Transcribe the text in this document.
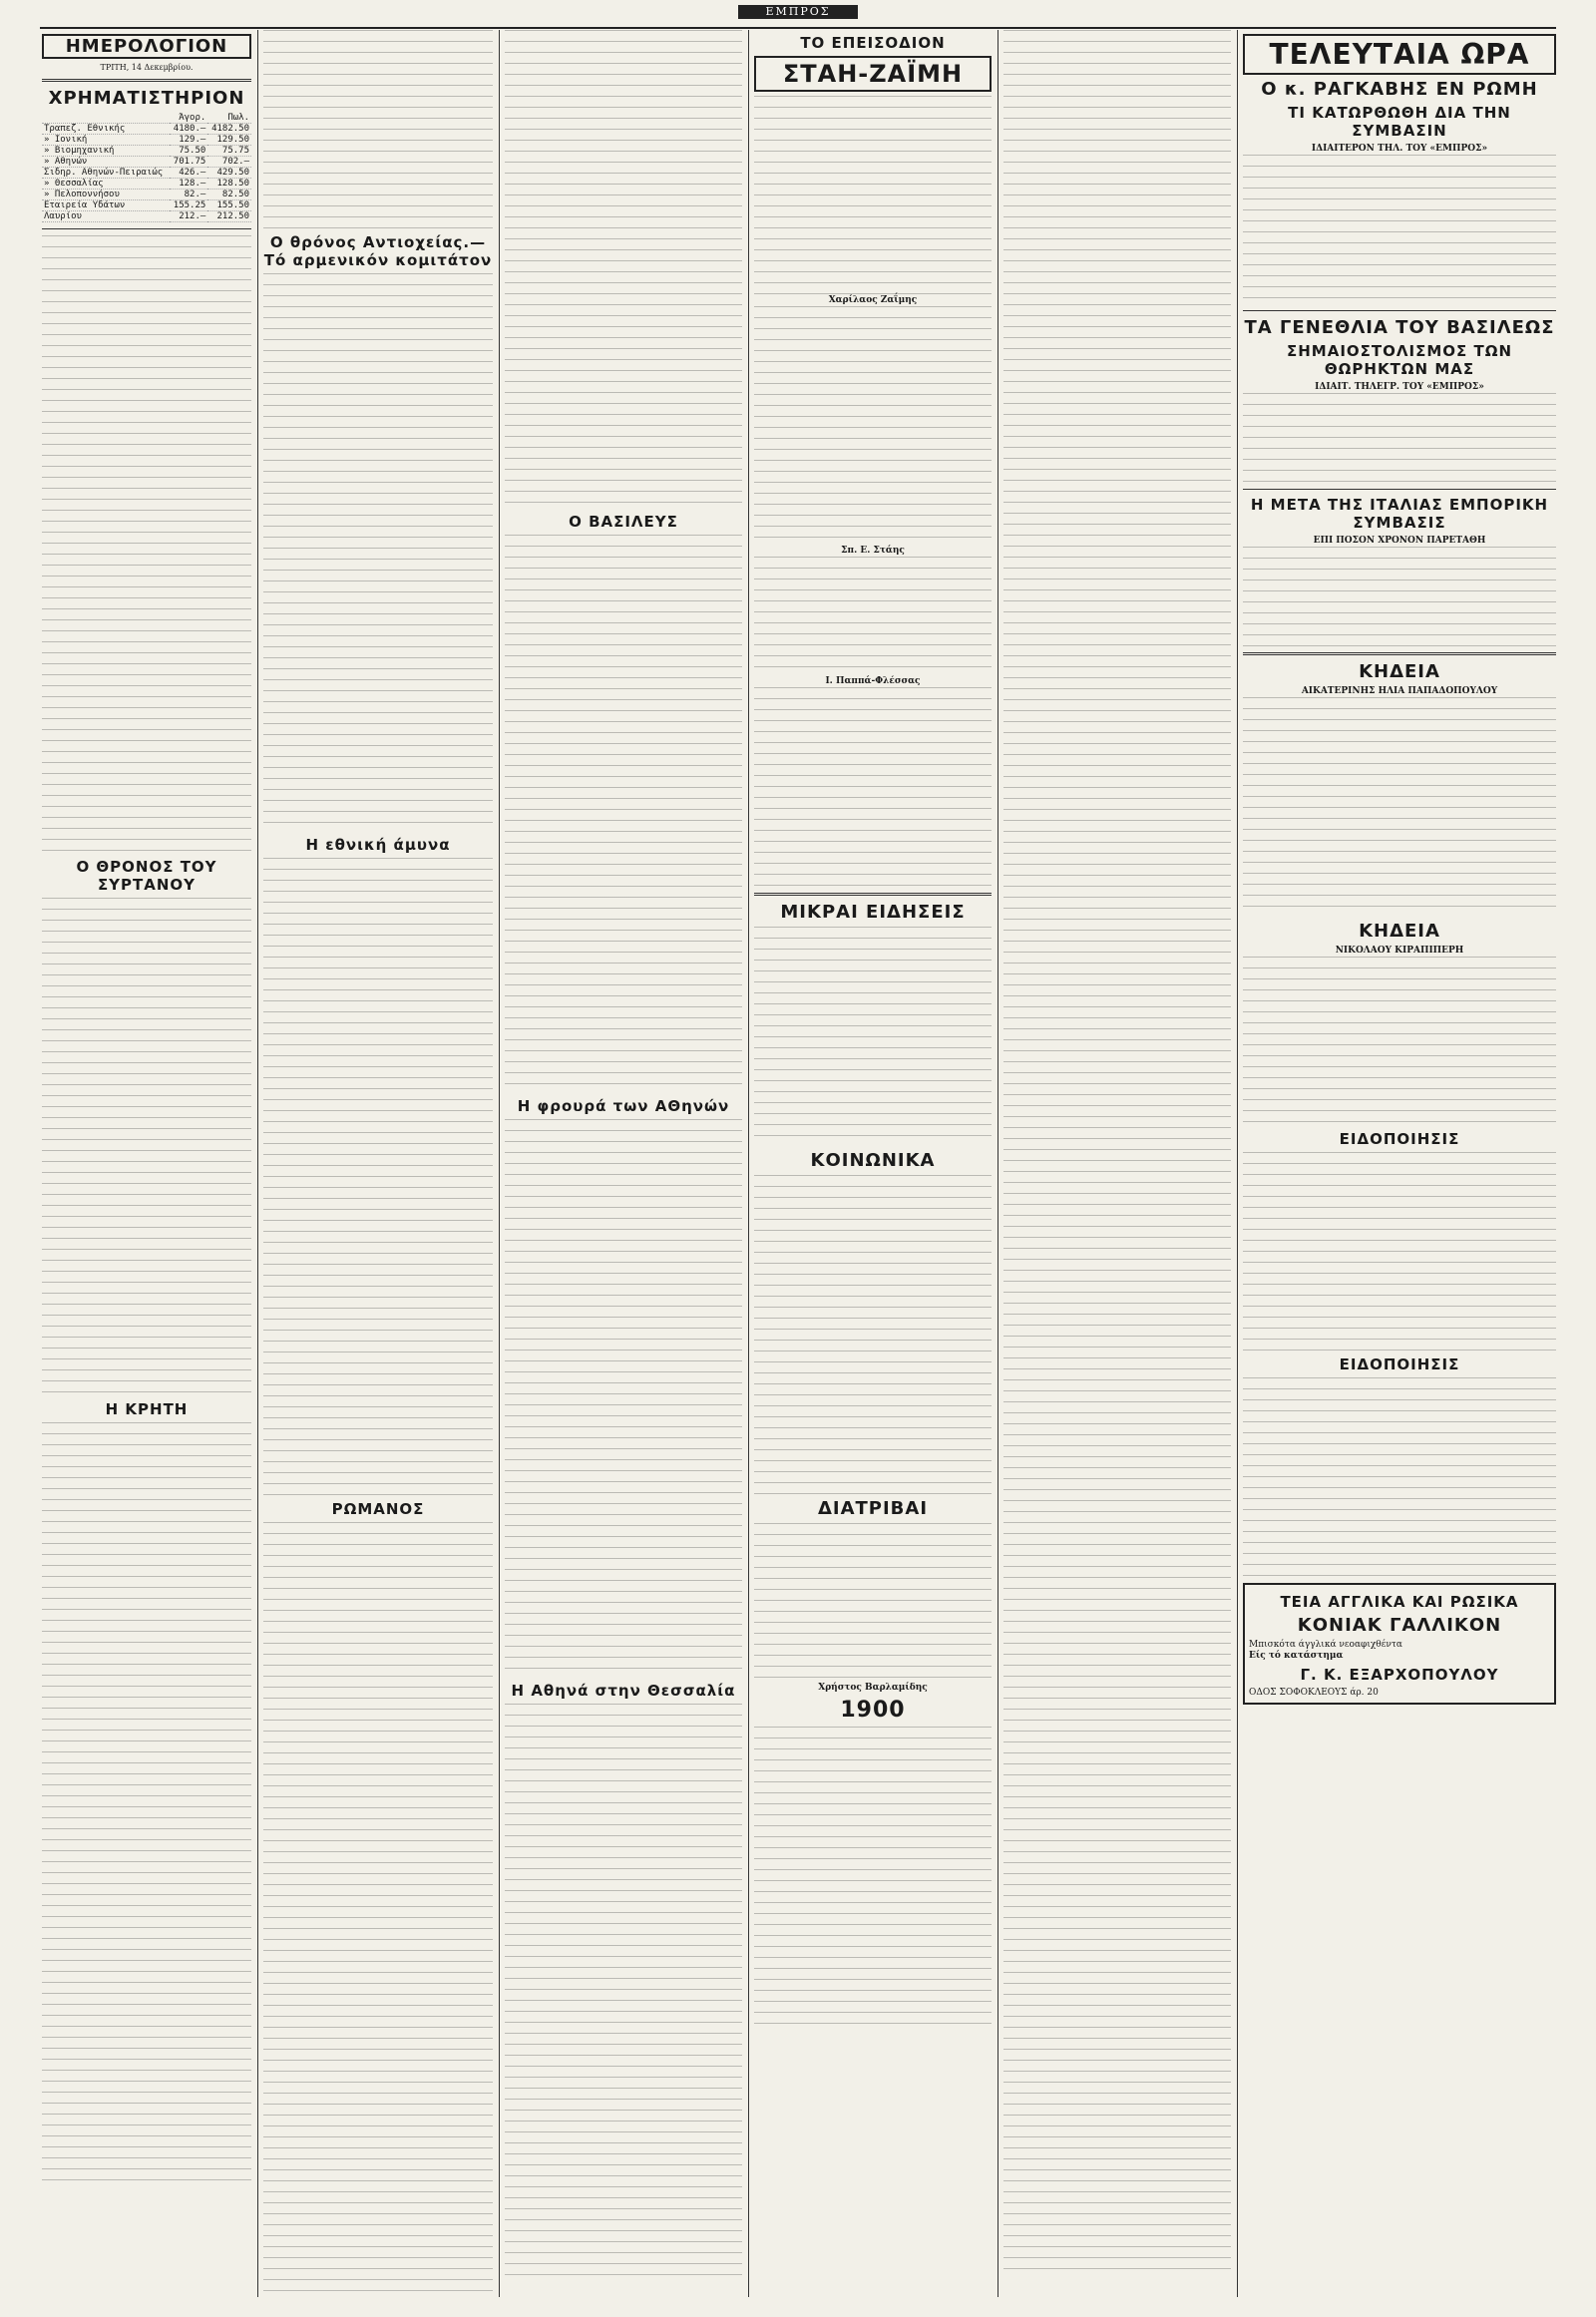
ΕΜΠΡΟΣ
ΗΜΕΡΟΛΟΓΙΟΝ
ΤΡΙΤΗ, 14 Δεκεμβρίου.
ΧΡΗΜΑΤΙΣΤΗΡΙΟΝ
	Άγορ.	Πωλ.
Τραπεζ. Εθνικής	4180.—	4182.50
» Ιονική	129.—	129.50
» Βιομηχανική	75.50	75.75
» Αθηνών	701.75	702.—
Σιδηρ. Αθηνών-Πειραιώς	426.—	429.50
» Θεσσαλίας	128.—	128.50
» Πελοποννήσου	82.—	82.50
Εταιρεία Υδάτων	155.25	155.50
Λαυρίου	212.—	212.50
Ο ΘΡΟΝΟΣ ΤΟΥ ΣΥΡΤΑΝΟΥ
Η ΚΡΗΤΗ
Ο θρόνος Αντιοχείας.— Τό αρμενικόν κομιτάτον
Η εθνική άμυνα
ΡΩΜΑΝΟΣ
Ο ΒΑΣΙΛΕΥΣ
Η φρουρά των ΑΘηνών
Η Αθηνά στην Θεσσαλία
ΤΟ ΕΠΕΙΣΟΔΙΟΝ
ΣΤΑΗ-ΖΑΪΜΗ
Χαρίλαος Ζαΐμης
Σπ. Ε. Στάης
Ι. Παππά-Φλέσσας
ΜΙΚΡΑΙ ΕΙΔΗΣΕΙΣ
ΚΟΙΝΩΝΙΚΑ
ΔΙΑΤΡΙΒΑΙ
Χρήστος Βαρλαμίδης
1900
ΤΕΛΕΥΤΑΙΑ ΩΡΑ
Ο κ. ΡΑΓΚΑΒΗΣ ΕΝ ΡΩΜΗ
ΤΙ ΚΑΤΩΡΘΩΘΗ ΔΙΑ ΤΗΝ ΣΥΜΒΑΣΙΝ
ΙΔΙΑΙΤΕΡΟΝ ΤΗΛ. ΤΟΥ «ΕΜΠΡΟΣ»
ΤΑ ΓΕΝΕΘΛΙΑ ΤΟΥ ΒΑΣΙΛΕΩΣ
ΣΗΜΑΙΟΣΤΟΛΙΣΜΟΣ ΤΩΝ ΘΩΡΗΚΤΩΝ ΜΑΣ
ΙΔΙΑΙΤ. ΤΗΛΕΓΡ. ΤΟΥ «ΕΜΠΡΟΣ»
Η ΜΕΤΑ ΤΗΣ ΙΤΑΛΙΑΣ ΕΜΠΟΡΙΚΗ ΣΥΜΒΑΣΙΣ
ΕΠΙ ΠΟΣΟΝ ΧΡΟΝΟΝ ΠΑΡΕΤΑΘΗ
ΚΗΔΕΙΑ
ΑΙΚΑΤΕΡΙΝΗΣ ΗΛΙΑ ΠΑΠΑΔΟΠΟΥΛΟΥ
ΚΗΔΕΙΑ
ΝΙΚΟΛΑΟΥ ΚΙΡΑΠΙΠΕΡΗ
ΕΙΔΟΠΟΙΗΣΙΣ
ΕΙΔΟΠΟΙΗΣΙΣ
ΤΕΙΑ ΑΓΓΛΙΚΑ ΚΑΙ ΡΩΣΙΚΑ
ΚΟΝΙΑΚ ΓΑΛΛΙΚΟΝ
Μπισκότα άγγλικά νεοαφιχθέντα
Είς τό κατάστημα
Γ. Κ. ΕΞΑΡΧΟΠΟΥΛΟΥ
ΟΔΟΣ ΣΟΦΟΚΛΕΟΥΣ άρ. 20
